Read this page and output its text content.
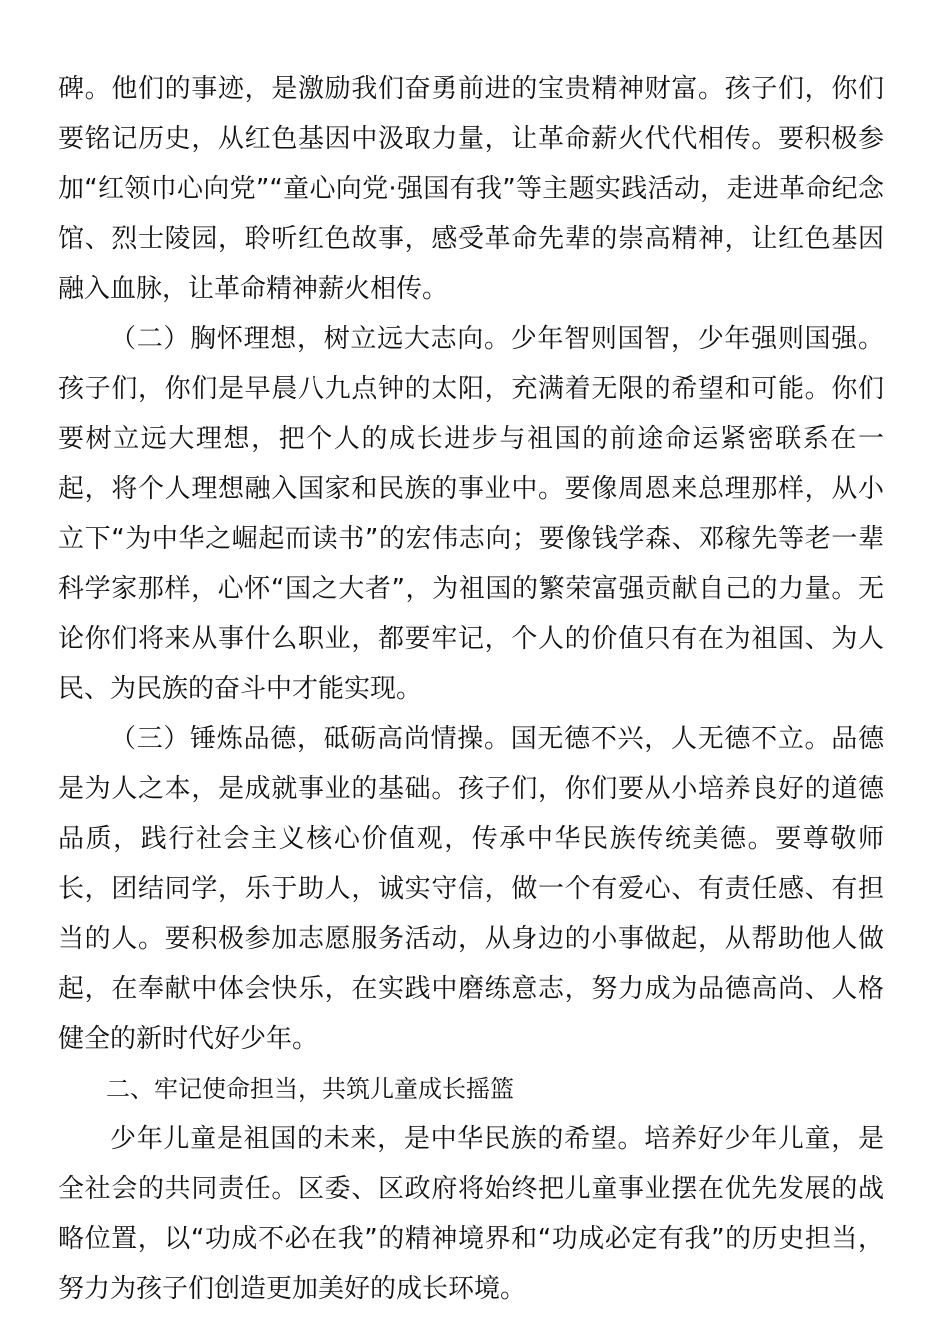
碑。他们的事迹，是激励我们奋勇前进的宝贵精神财富。孩子们，你们要铭记历史，从红色基因中汲取力量，让革命薪火代代相传。要积极参加“红领巾心向党”“童心向党·强国有我”等主题实践活动，走进革命纪念馆、烈士陵园，聆听红色故事，感受革命先辈的崇高精神，让红色基因融入血脉，让革命精神薪火相传。

（二）胸怀理想，树立远大志向。少年智则国智，少年强则国强。孩子们，你们是早晨八九点钟的太阳，充满着无限的希望和可能。你们要树立远大理想，把个人的成长进步与祖国的前途命运紧密联系在一起，将个人理想融入国家和民族的事业中。要像周恩来总理那样，从小立下“为中华之崛起而读书”的宏伟志向；要像钱学森、邓稼先等老一辈科学家那样，心怀“国之大者”，为祖国的繁荣富强贡献自己的力量。无论你们将来从事什么职业，都要牢记，个人的价值只有在为祖国、为人民、为民族的奋斗中才能实现。

（三）锤炼品德，砥砺高尚情操。国无德不兴，人无德不立。品德是为人之本，是成就事业的基础。孩子们，你们要从小培养良好的道德品质，践行社会主义核心价值观，传承中华民族传统美德。要尊敬师长，团结同学，乐于助人，诚实守信，做一个有爱心、有责任感、有担当的人。要积极参加志愿服务活动，从身边的小事做起，从帮助他人做起，在奉献中体会快乐，在实践中磨练意志，努力成为品德高尚、人格健全的新时代好少年。

二、牢记使命担当，共筑儿童成长摇篮

少年儿童是祖国的未来，是中华民族的希望。培养好少年儿童，是全社会的共同责任。区委、区政府将始终把儿童事业摆在优先发展的战略位置，以“功成不必在我”的精神境界和“功成必定有我”的历史担当，努力为孩子们创造更加美好的成长环境。
